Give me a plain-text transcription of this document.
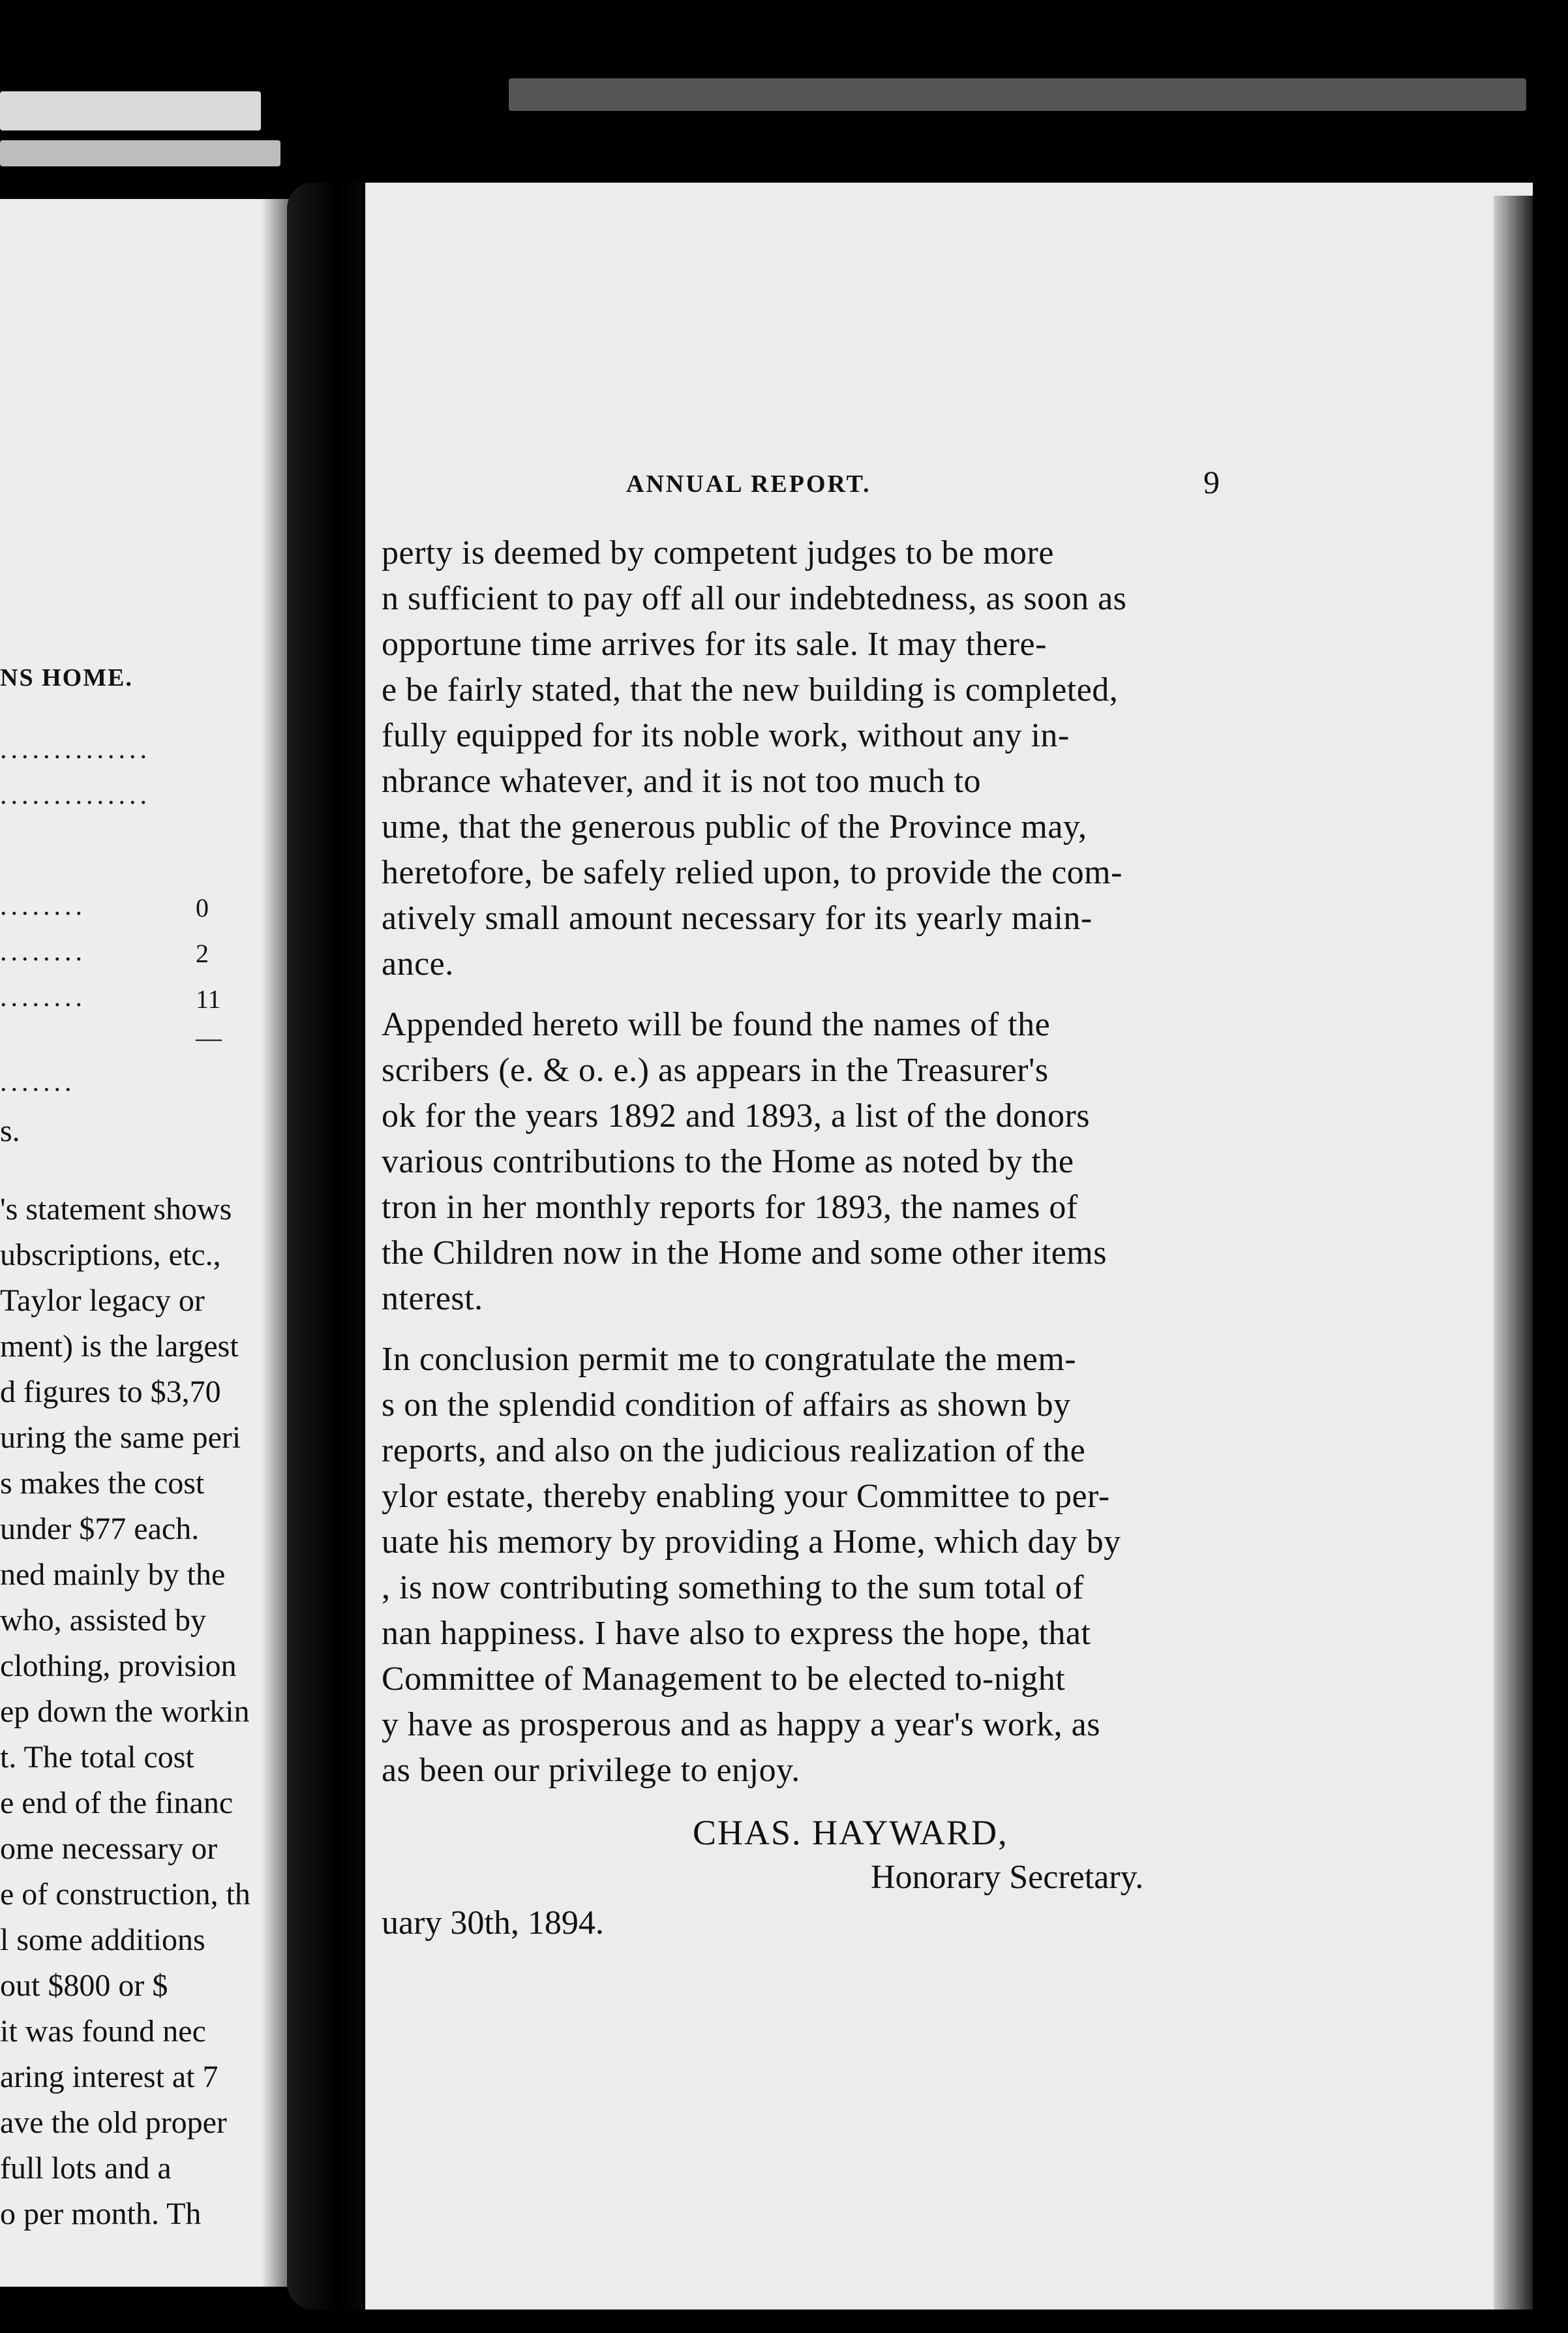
NS HOME.
..............
..............
........	0
........	2
........	11
—
.......
s.
's statement shows
ubscriptions, etc.,
Taylor legacy or
ment) is the largest
d figures to $3,70
uring the same peri
s makes the cost
under $77 each.
ned mainly by the
who, assisted by
clothing, provision
ep down the workin
t. The total cost
e end of the financ
ome necessary or
e of construction, th
l some additions
out $800 or $
it was found nec
aring interest at 7
ave the old proper
full lots and a
o per month. Th
ANNUAL REPORT.	9
perty is deemed by competent judges to be more
n sufficient to pay off all our indebtedness, as soon as
opportune time arrives for its sale. It may there-
e be fairly stated, that the new building is completed,
fully equipped for its noble work, without any in-
nbrance whatever, and it is not too much to
ume, that the generous public of the Province may,
heretofore, be safely relied upon, to provide the com-
atively small amount necessary for its yearly main-
ance.
Appended hereto will be found the names of the
scribers (e. & o. e.) as appears in the Treasurer's
ok for the years 1892 and 1893, a list of the donors
various contributions to the Home as noted by the
tron in her monthly reports for 1893, the names of
the Children now in the Home and some other items
nterest.
In conclusion permit me to congratulate the mem-
s on the splendid condition of affairs as shown by
reports, and also on the judicious realization of the
ylor estate, thereby enabling your Committee to per-
uate his memory by providing a Home, which day by
, is now contributing something to the sum total of
nan happiness. I have also to express the hope, that
Committee of Management to be elected to-night
y have as prosperous and as happy a year's work, as
as been our privilege to enjoy.
CHAS. HAYWARD,
Honorary Secretary.
uary 30th, 1894.
